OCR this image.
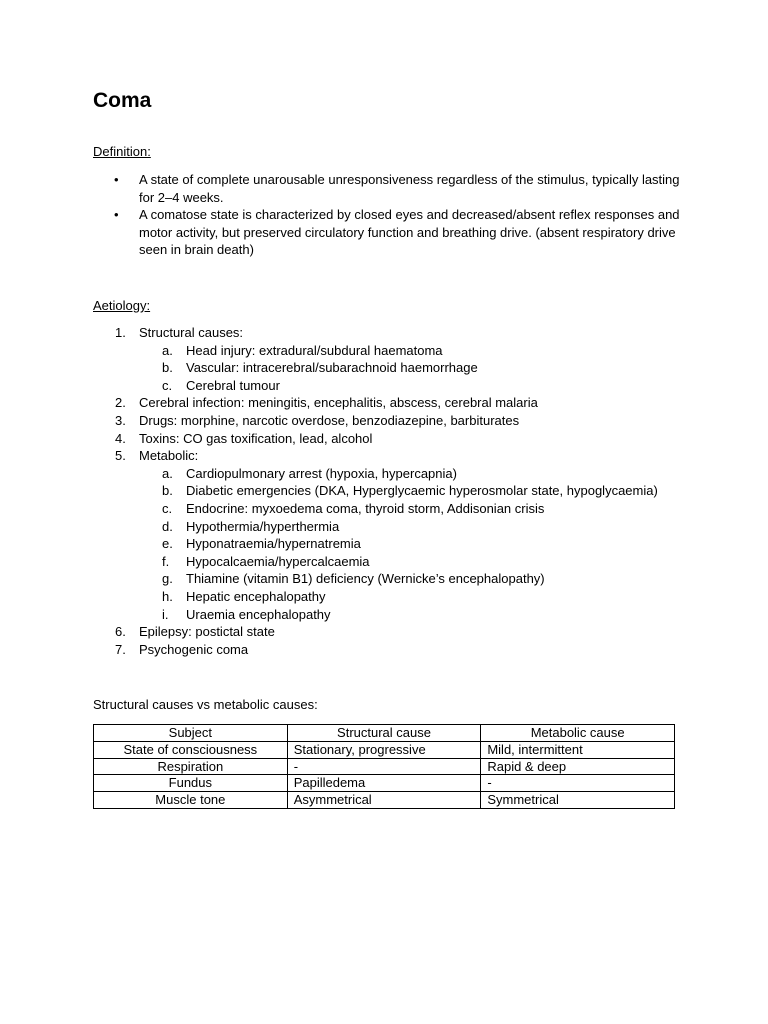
Coma

Definition:

• A state of complete unarousable unresponsiveness regardless of the stimulus, typically lasting for 2–4 weeks.
• A comatose state is characterized by closed eyes and decreased/absent reflex responses and motor activity, but preserved circulatory function and breathing drive. (absent respiratory drive seen in brain death)

Aetiology:

1. Structural causes:
a. Head injury: extradural/subdural haematoma
b. Vascular: intracerebral/subarachnoid haemorrhage
c. Cerebral tumour
2. Cerebral infection: meningitis, encephalitis, abscess, cerebral malaria
3. Drugs: morphine, narcotic overdose, benzodiazepine, barbiturates
4. Toxins: CO gas toxification, lead, alcohol
5. Metabolic:
a. Cardiopulmonary arrest (hypoxia, hypercapnia)
b. Diabetic emergencies (DKA, Hyperglycaemic hyperosmolar state, hypoglycaemia)
c. Endocrine: myxoedema coma, thyroid storm, Addisonian crisis
d. Hypothermia/hyperthermia
e. Hyponatraemia/hypernatremia
f. Hypocalcaemia/hypercalcaemia
g. Thiamine (vitamin B1) deficiency (Wernicke’s encephalopathy)
h. Hepatic encephalopathy
i. Uraemia encephalopathy
6. Epilepsy: postictal state
7. Psychogenic coma

Structural causes vs metabolic causes:

Subject	Structural cause	Metabolic cause
State of consciousness	Stationary, progressive	Mild, intermittent
Respiration	-	Rapid & deep
Fundus	Papilledema	-
Muscle tone	Asymmetrical	Symmetrical
